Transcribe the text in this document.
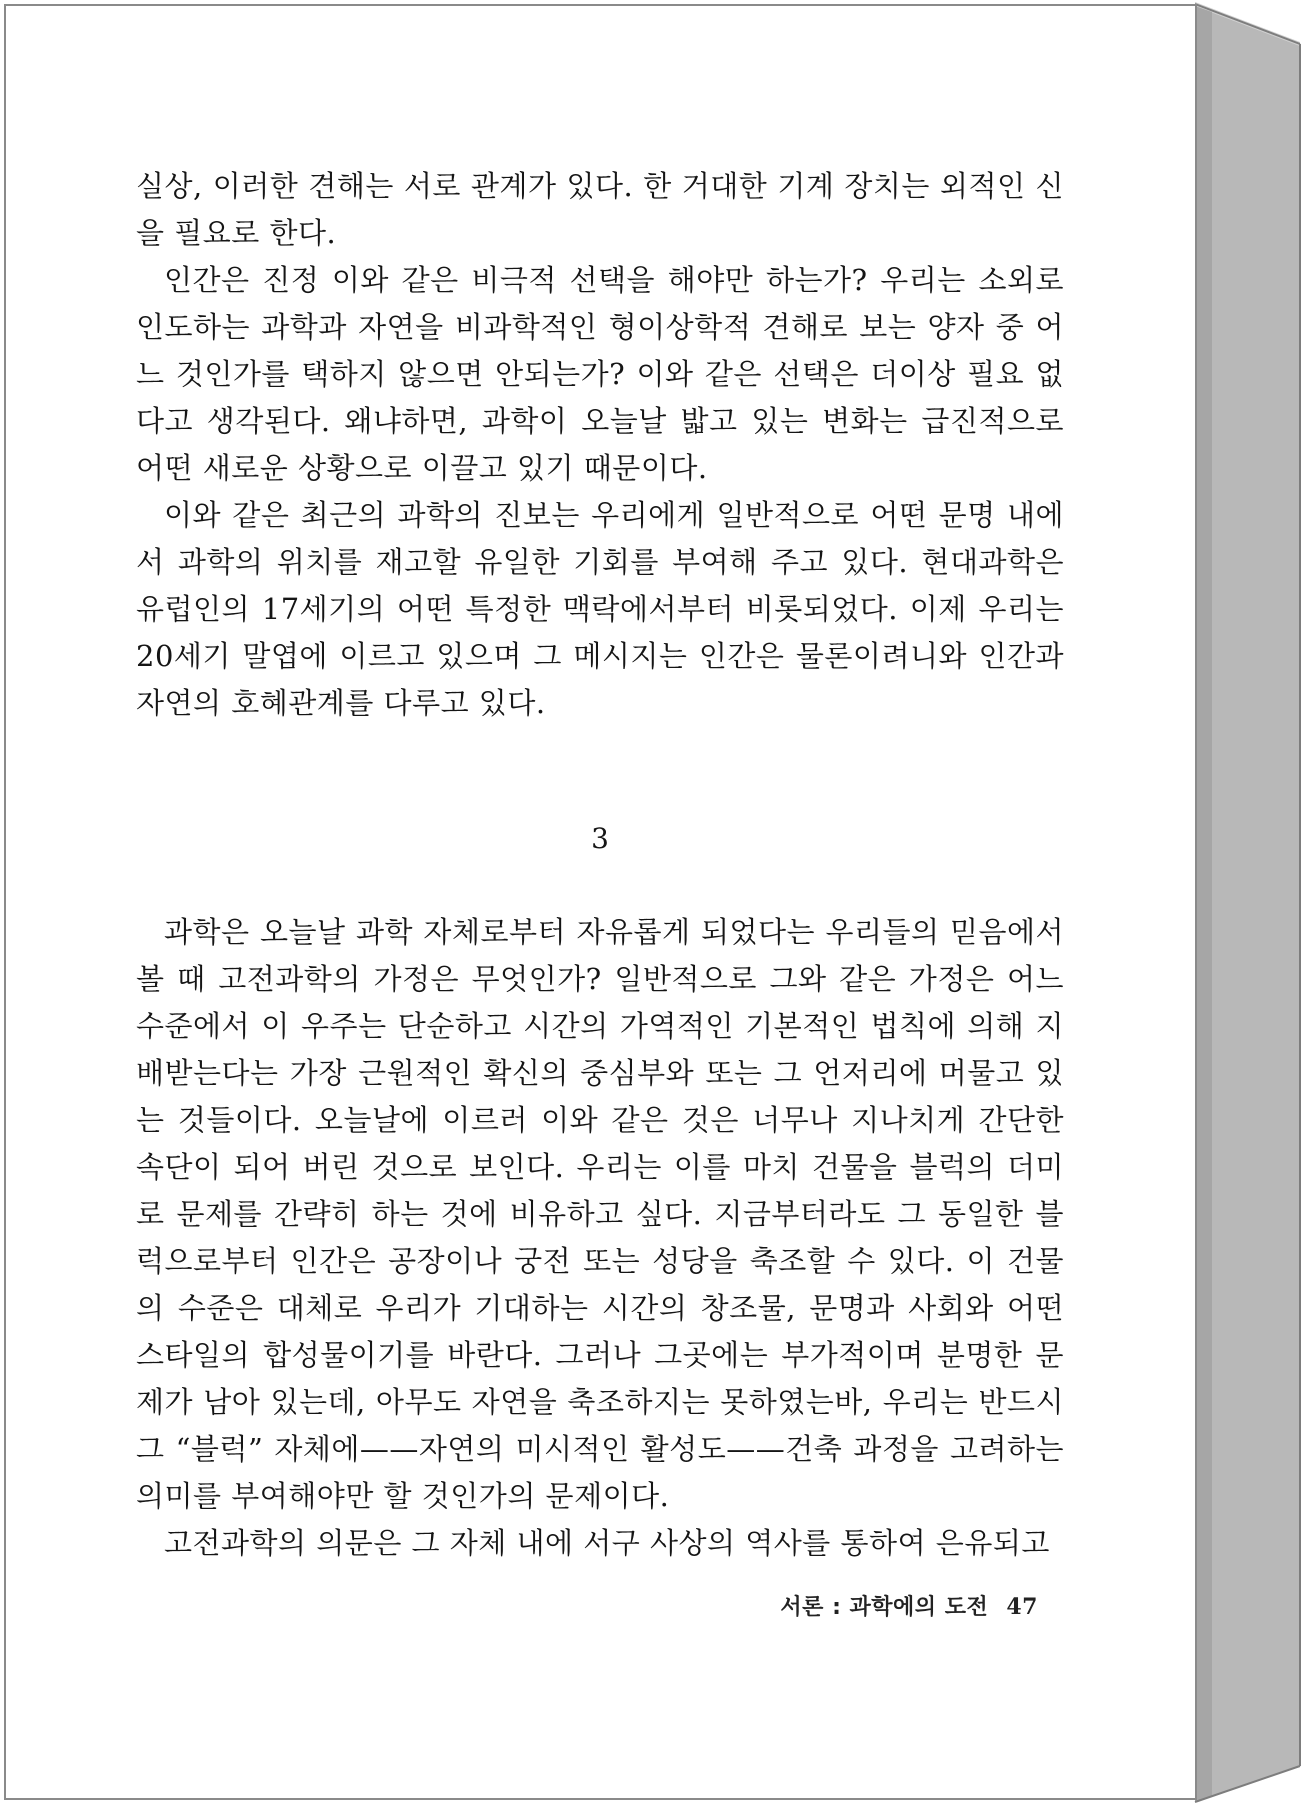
실상, 이러한 견해는 서로 관계가 있다. 한 거대한 기계 장치는 외적인 신을 필요로 한다.

인간은 진정 이와 같은 비극적 선택을 해야만 하는가? 우리는 소외로 인도하는 과학과 자연을 비과학적인 형이상학적 견해로 보는 양자 중 어느 것인가를 택하지 않으면 안되는가? 이와 같은 선택은 더이상 필요 없다고 생각된다. 왜냐하면, 과학이 오늘날 밟고 있는 변화는 급진적으로 어떤 새로운 상황으로 이끌고 있기 때문이다.

이와 같은 최근의 과학의 진보는 우리에게 일반적으로 어떤 문명 내에서 과학의 위치를 재고할 유일한 기회를 부여해 주고 있다. 현대과학은 유럽인의 17세기의 어떤 특정한 맥락에서부터 비롯되었다. 이제 우리는 20세기 말엽에 이르고 있으며 그 메시지는 인간은 물론이려니와 인간과 자연의 호혜관계를 다루고 있다.

3

과학은 오늘날 과학 자체로부터 자유롭게 되었다는 우리들의 믿음에서 볼 때 고전과학의 가정은 무엇인가? 일반적으로 그와 같은 가정은 어느 수준에서 이 우주는 단순하고 시간의 가역적인 기본적인 법칙에 의해 지배받는다는 가장 근원적인 확신의 중심부와 또는 그 언저리에 머물고 있는 것들이다. 오늘날에 이르러 이와 같은 것은 너무나 지나치게 간단한 속단이 되어 버린 것으로 보인다. 우리는 이를 마치 건물을 블럭의 더미로 문제를 간략히 하는 것에 비유하고 싶다. 지금부터라도 그 동일한 블럭으로부터 인간은 공장이나 궁전 또는 성당을 축조할 수 있다. 이 건물의 수준은 대체로 우리가 기대하는 시간의 창조물, 문명과 사회와 어떤 스타일의 합성물이기를 바란다. 그러나 그곳에는 부가적이며 분명한 문제가 남아 있는데, 아무도 자연을 축조하지는 못하였는바, 우리는 반드시 그 “블럭” 자체에——자연의 미시적인 활성도——건축 과정을 고려하는 의미를 부여해야만 할 것인가의 문제이다.

고전과학의 의문은 그 자체 내에 서구 사상의 역사를 통하여 은유되고

서론 : 과학에의 도전 47
